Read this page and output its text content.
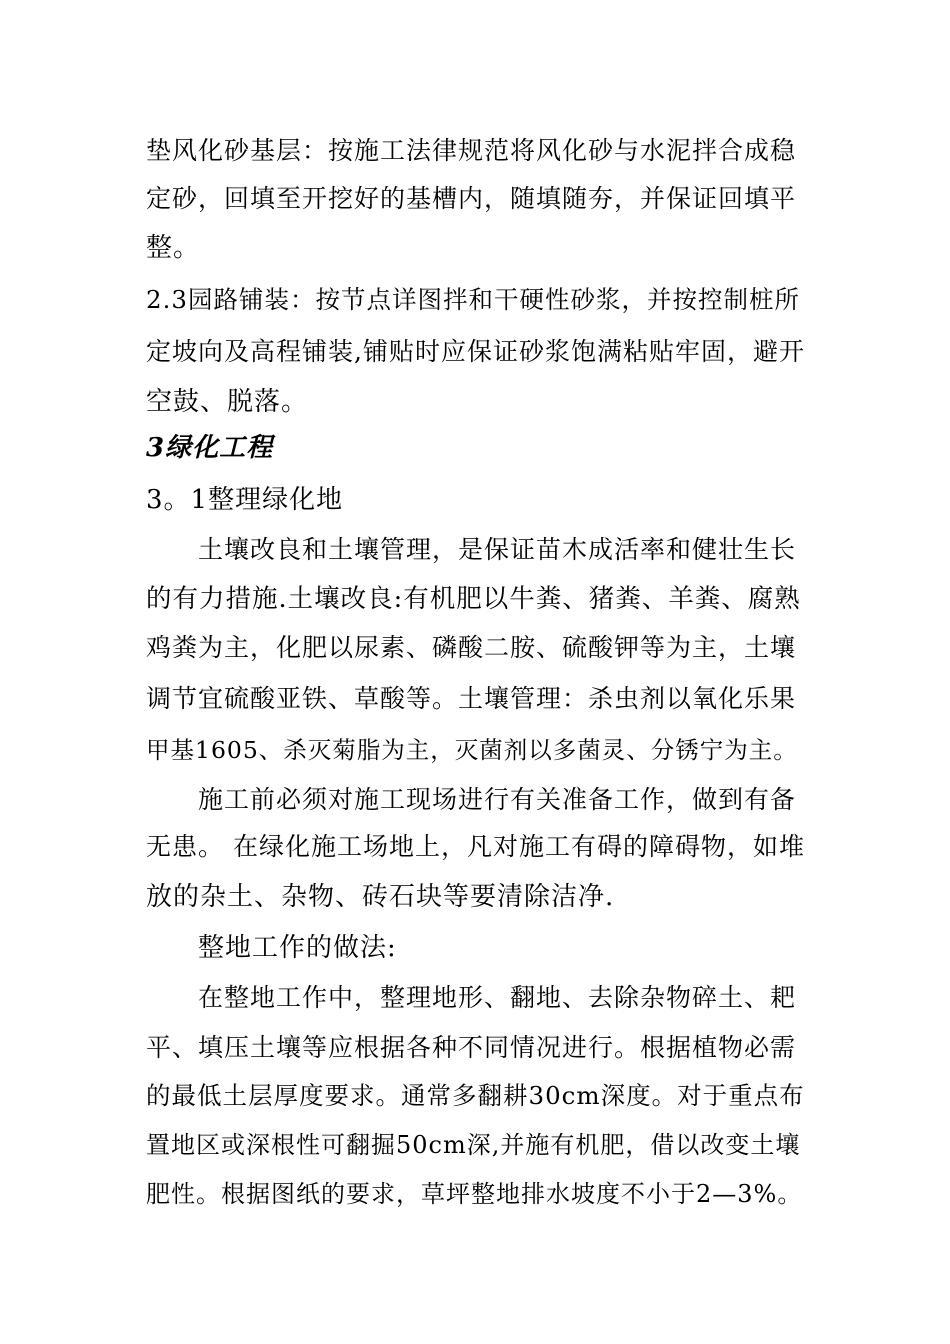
垫风化砂基层：按施工法律规范将风化砂与水泥拌合成稳
定砂，回填至开挖好的基槽内，随填随夯，并保证回填平
整。
2.3园路铺装：按节点详图拌和干硬性砂浆，并按控制桩所
定坡向及高程铺装,铺贴时应保证砂浆饱满粘贴牢固，避开
空鼓、脱落。
3绿化工程
3。1整理绿化地
土壤改良和土壤管理，是保证苗木成活率和健壮生长
的有力措施.土壤改良:有机肥以牛粪、猪粪、羊粪、腐熟
鸡粪为主，化肥以尿素、磷酸二胺、硫酸钾等为主，土壤
调节宜硫酸亚铁、草酸等。土壤管理：杀虫剂以氧化乐果
甲基1605、杀灭菊脂为主，灭菌剂以多菌灵、分锈宁为主。
施工前必须对施工现场进行有关准备工作，做到有备
无患。 在绿化施工场地上，凡对施工有碍的障碍物，如堆
放的杂土、杂物、砖石块等要清除洁净.
整地工作的做法:
在整地工作中，整理地形、翻地、去除杂物碎土、耙
平、填压土壤等应根据各种不同情况进行。根据植物必需
的最低土层厚度要求。通常多翻耕30cm深度。对于重点布
置地区或深根性可翻掘50cm深,并施有机肥，借以改变土壤
肥性。根据图纸的要求，草坪整地排水坡度不小于2—3%。
